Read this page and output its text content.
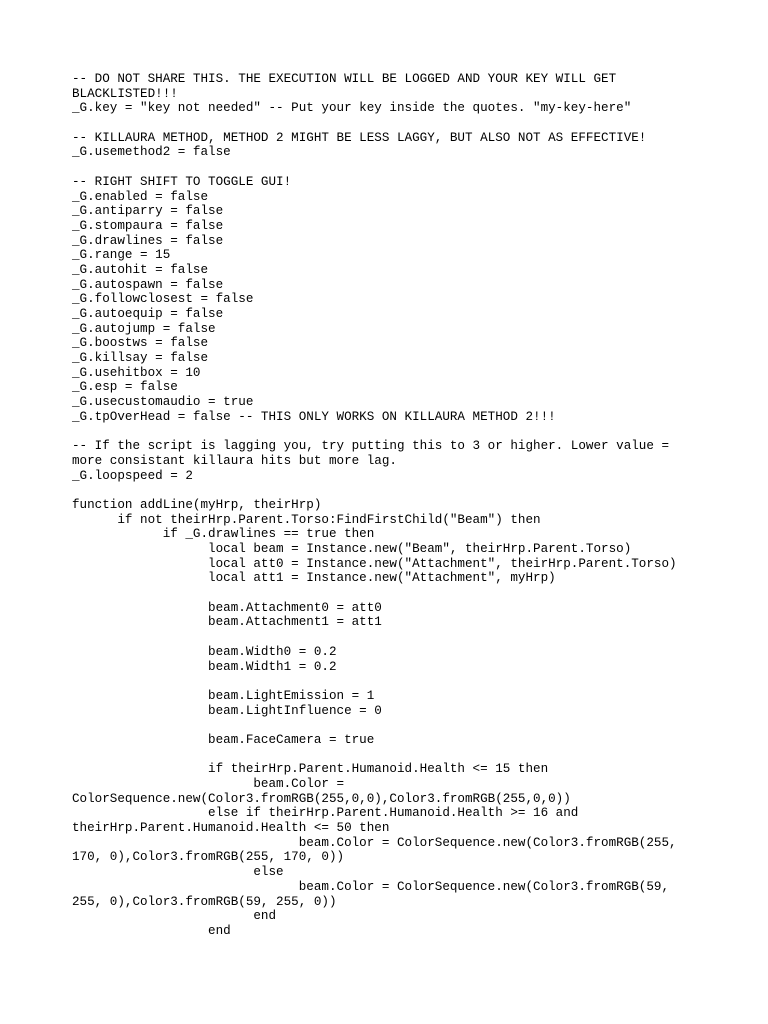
-- DO NOT SHARE THIS. THE EXECUTION WILL BE LOGGED AND YOUR KEY WILL GET
BLACKLISTED!!!
_G.key = "key not needed" -- Put your key inside the quotes. "my-key-here"
-- KILLAURA METHOD, METHOD 2 MIGHT BE LESS LAGGY, BUT ALSO NOT AS EFFECTIVE!
_G.usemethod2 = false
-- RIGHT SHIFT TO TOGGLE GUI!
_G.enabled = false
_G.antiparry = false
_G.stompaura = false
_G.drawlines = false
_G.range = 15
_G.autohit = false
_G.autospawn = false
_G.followclosest = false
_G.autoequip = false
_G.autojump = false
_G.boostws = false
_G.killsay = false
_G.usehitbox = 10
_G.esp = false
_G.usecustomaudio = true
_G.tpOverHead = false -- THIS ONLY WORKS ON KILLAURA METHOD 2!!!
-- If the script is lagging you, try putting this to 3 or higher. Lower value =
more consistant killaura hits but more lag.
_G.loopspeed = 2
function addLine(myHrp, theirHrp)
if not theirHrp.Parent.Torso:FindFirstChild("Beam") then
if _G.drawlines == true then
local beam = Instance.new("Beam", theirHrp.Parent.Torso)
local att0 = Instance.new("Attachment", theirHrp.Parent.Torso)
local att1 = Instance.new("Attachment", myHrp)
beam.Attachment0 = att0
beam.Attachment1 = att1
beam.Width0 = 0.2
beam.Width1 = 0.2
beam.LightEmission = 1
beam.LightInfluence = 0
beam.FaceCamera = true
if theirHrp.Parent.Humanoid.Health <= 15 then
beam.Color =
ColorSequence.new(Color3.fromRGB(255,0,0),Color3.fromRGB(255,0,0))
else if theirHrp.Parent.Humanoid.Health >= 16 and
theirHrp.Parent.Humanoid.Health <= 50 then
beam.Color = ColorSequence.new(Color3.fromRGB(255,
170, 0),Color3.fromRGB(255, 170, 0))
else
beam.Color = ColorSequence.new(Color3.fromRGB(59,
255, 0),Color3.fromRGB(59, 255, 0))
end
end
